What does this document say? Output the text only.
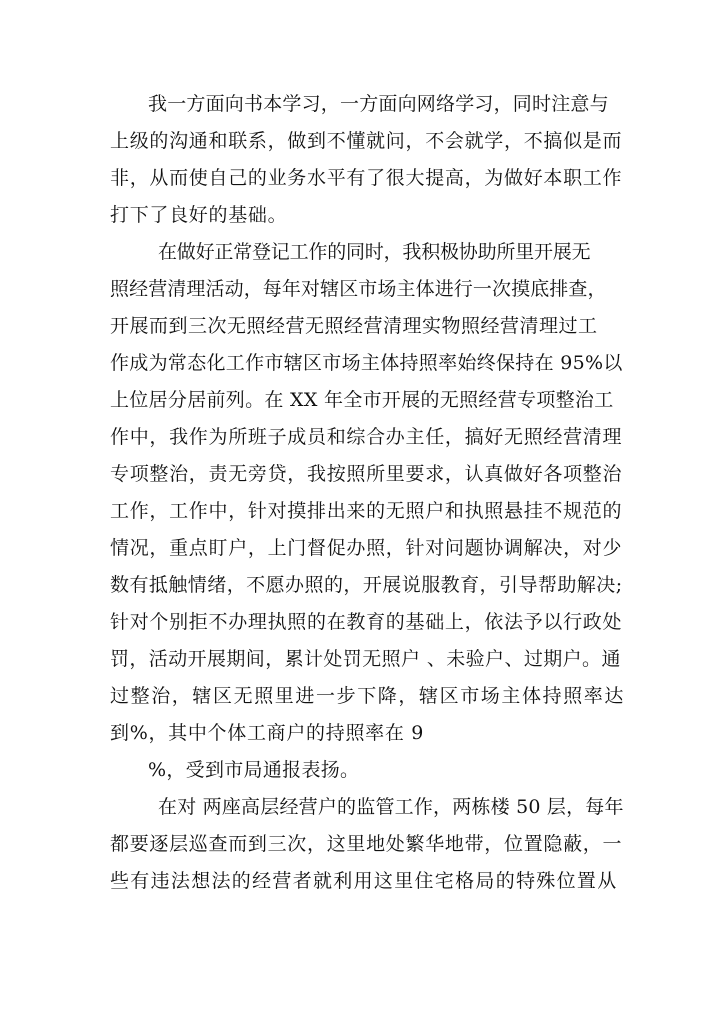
我一方面向书本学习，一方面向网络学习，同时注意与
上级的沟通和联系，做到不懂就问，不会就学，不搞似是而
非，从而使自己的业务水平有了很大提高，为做好本职工作
打下了良好的基础。
在做好正常登记工作的同时，我积极协助所里开展无
照经营清理活动，每年对辖区市场主体进行一次摸底排查，
开展而到三次无照经营无照经营清理实物照经营清理过工
作成为常态化工作市辖区市场主体持照率始终保持在 95%以
上位居分居前列。在 XX 年全市开展的无照经营专项整治工
作中，我作为所班子成员和综合办主任，搞好无照经营清理
专项整治，责无旁贷，我按照所里要求，认真做好各项整治
工作，工作中，针对摸排出来的无照户和执照悬挂不规范的
情况，重点盯户，上门督促办照，针对问题协调解决，对少
数有抵触情绪，不愿办照的，开展说服教育，引导帮助解决;
针对个别拒不办理执照的在教育的基础上，依法予以行政处
罚，活动开展期间，累计处罚无照户 、未验户、过期户。通
过整治，辖区无照里进一步下降，辖区市场主体持照率达
到%，其中个体工商户的持照率在 9
%，受到市局通报表扬。
在对 两座高层经营户的监管工作，两栋楼 50 层，每年
都要逐层巡查而到三次，这里地处繁华地带，位置隐蔽，一
些有违法想法的经营者就利用这里住宅格局的特殊位置从
